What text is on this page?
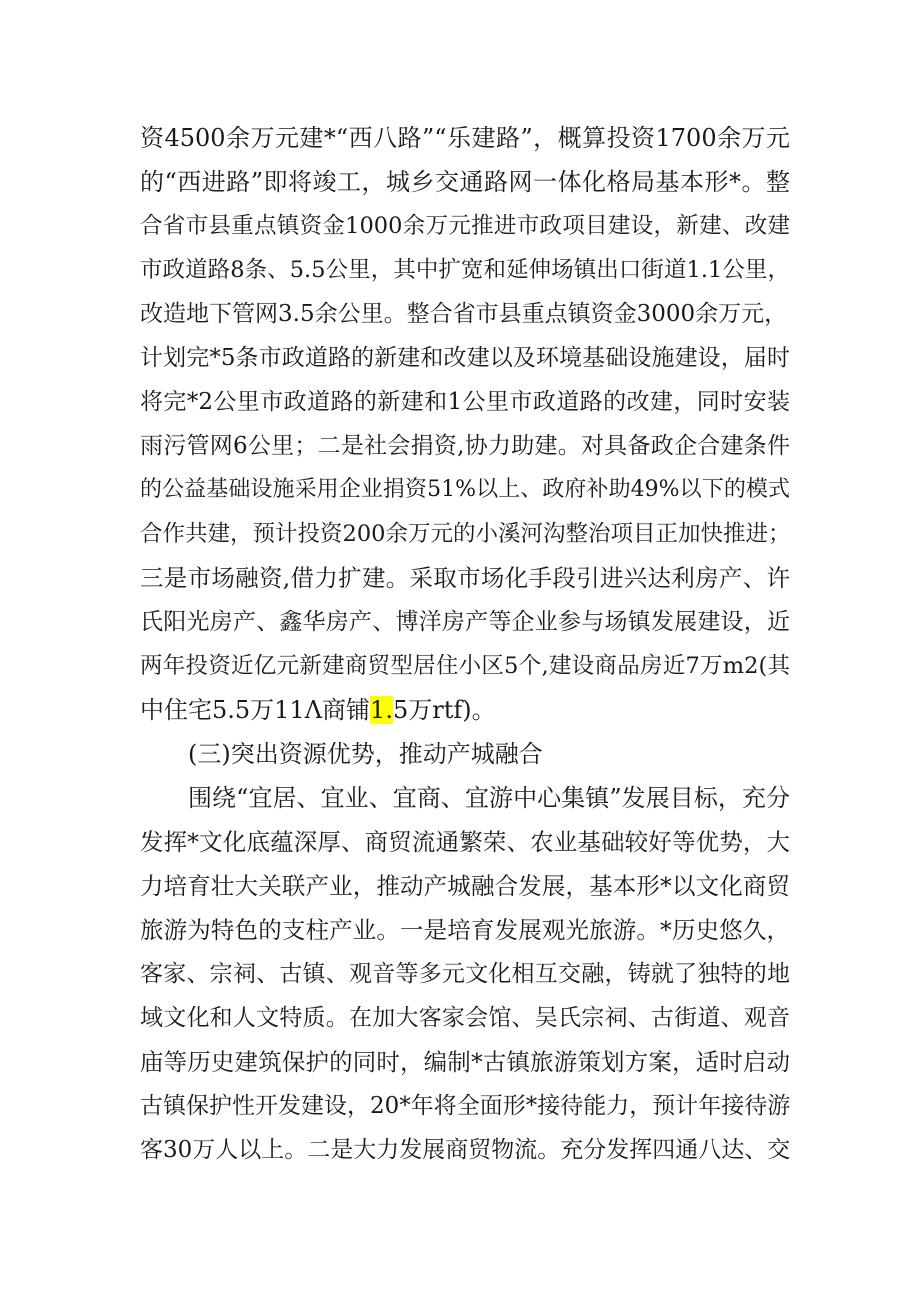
资4500余万元建*“西八路”“乐建路”，概算投资1700余万元
的“西进路”即将竣工，城乡交通路网一体化格局基本形*。整
合省市县重点镇资金1000余万元推进市政项目建设，新建、改建
市政道路8条、5.5公里，其中扩宽和延伸场镇出口街道1.1公里，
改造地下管网3.5余公里。整合省市县重点镇资金3000余万元，
计划完*5条市政道路的新建和改建以及环境基础设施建设，届时
将完*2公里市政道路的新建和1公里市政道路的改建，同时安装
雨污管网6公里；二是社会捐资,协力助建。对具备政企合建条件
的公益基础设施采用企业捐资51%以上、政府补助49%以下的模式
合作共建，预计投资200余万元的小溪河沟整治项目正加快推进；
三是市场融资,借力扩建。采取市场化手段引进兴达利房产、许
氏阳光房产、鑫华房产、博洋房产等企业参与场镇发展建设，近
两年投资近亿元新建商贸型居住小区5个,建设商品房近7万m2(其
中住宅5.5万11Λ商铺1.5万rtf)。
(三)突出资源优势，推动产城融合
围绕“宜居、宜业、宜商、宜游中心集镇”发展目标，充分
发挥*文化底蕴深厚、商贸流通繁荣、农业基础较好等优势，大
力培育壮大关联产业，推动产城融合发展，基本形*以文化商贸
旅游为特色的支柱产业。一是培育发展观光旅游。*历史悠久，
客家、宗祠、古镇、观音等多元文化相互交融，铸就了独特的地
域文化和人文特质。在加大客家会馆、吴氏宗祠、古街道、观音
庙等历史建筑保护的同时，编制*古镇旅游策划方案，适时启动
古镇保护性开发建设，20*年将全面形*接待能力，预计年接待游
客30万人以上。二是大力发展商贸物流。充分发挥四通八达、交
